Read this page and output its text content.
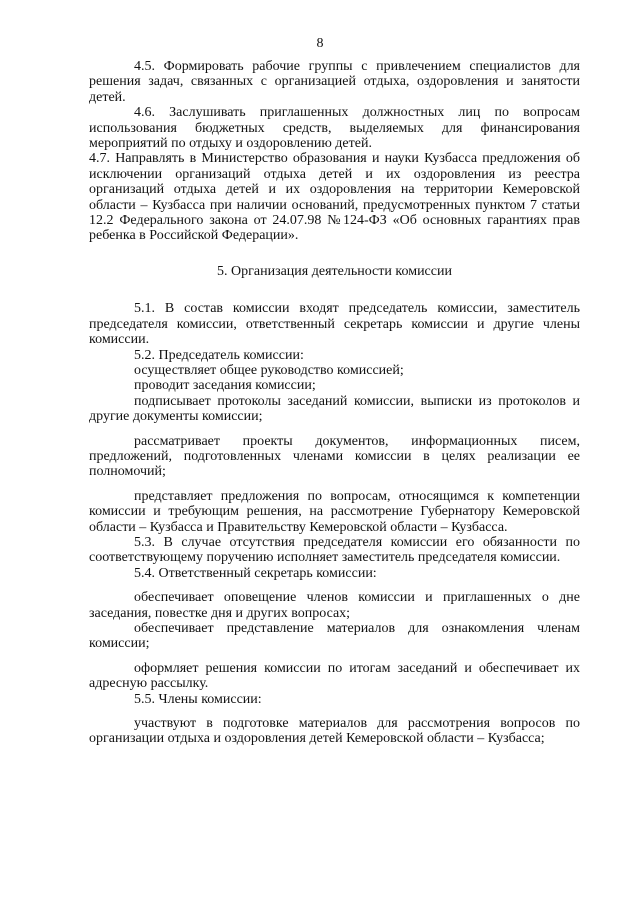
8

4.5. Формировать рабочие группы с привлечением специалистов для решения задач, связанных с организацией отдыха, оздоровления и занятости детей.

4.6. Заслушивать приглашенных должностных лиц по вопросам использования бюджетных средств, выделяемых для финансирования мероприятий по отдыху и оздоровлению детей.

4.7. Направлять в Министерство образования и науки Кузбасса предложения об исключении организаций отдыха детей и их оздоровления из реестра организаций отдыха детей и их оздоровления на территории Кемеровской области – Кузбасса при наличии оснований, предусмотренных пунктом 7 статьи 12.2 Федерального закона от 24.07.98 №124-ФЗ «Об основных гарантиях прав ребенка в Российской Федерации».

5. Организация деятельности комиссии

5.1. В состав комиссии входят председатель комиссии, заместитель председателя комиссии, ответственный секретарь комиссии и другие члены комиссии.

5.2. Председатель комиссии:

осуществляет общее руководство комиссией;

проводит заседания комиссии;

подписывает протоколы заседаний комиссии, выписки из протоколов и другие документы комиссии;

рассматривает проекты документов, информационных писем, предложений, подготовленных членами комиссии в целях реализации ее полномочий;

представляет предложения по вопросам, относящимся к компетенции комиссии и требующим решения, на рассмотрение Губернатору Кемеровской области – Кузбасса и Правительству Кемеровской области – Кузбасса.

5.3. В случае отсутствия председателя комиссии его обязанности по соответствующему поручению исполняет заместитель председателя комиссии.

5.4. Ответственный секретарь комиссии:

обеспечивает оповещение членов комиссии и приглашенных о дне заседания, повестке дня и других вопросах;

обеспечивает представление материалов для ознакомления членам комиссии;

оформляет решения комиссии по итогам заседаний и обеспечивает их адресную рассылку.

5.5. Члены комиссии:

участвуют в подготовке материалов для рассмотрения вопросов по организации отдыха и оздоровления детей Кемеровской области – Кузбасса;
